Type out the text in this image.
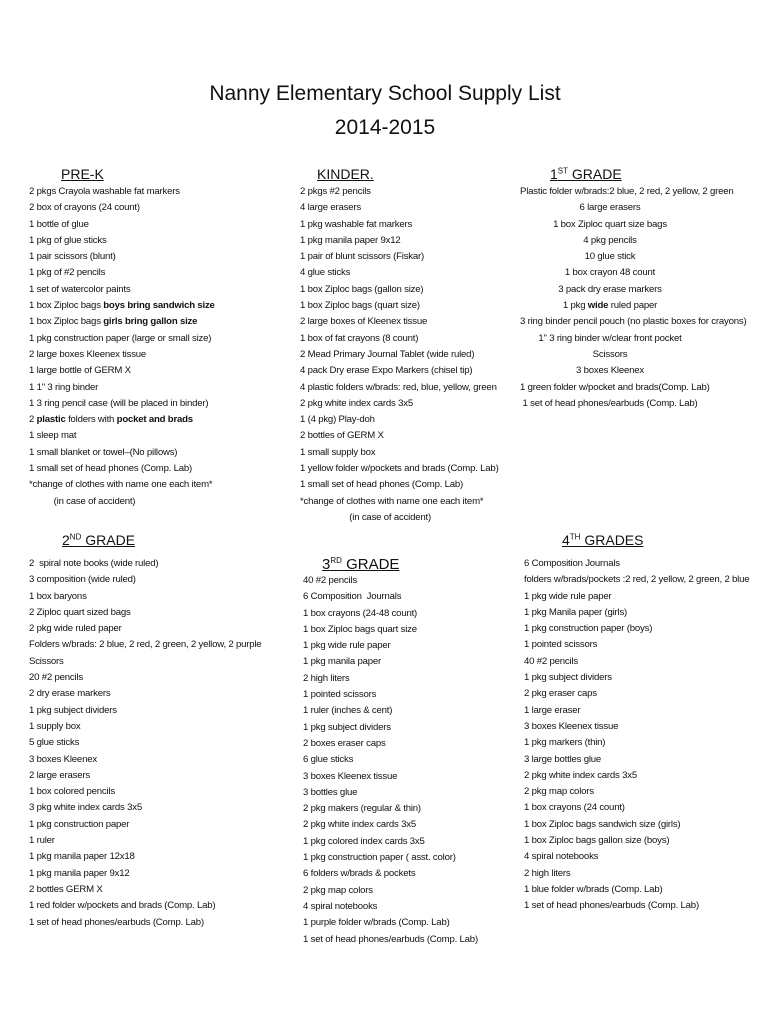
Nanny Elementary School Supply List
2014-2015
PRE-K	KINDER.	1ST GRADE
2ND GRADE
3RD GRADE
4TH GRADES
2 pkgs Crayola washable fat markers
2 box of crayons (24 count)
1 bottle of glue
1 pkg of glue sticks
1 pair scissors (blunt)
1 pkg of #2 pencils
1 set of watercolor paints
1 box Ziploc bags boys bring sandwich size
1 box Ziploc bags girls bring gallon size
1 pkg construction paper (large or small size)
2 large boxes Kleenex tissue
1 large bottle of GERM X
1 1" 3 ring binder
1 3 ring pencil case (will be placed in binder)
2 plastic folders with pocket and brads
1 sleep mat
1 small blanket or towel–(No pillows)
1 small set of head phones (Comp. Lab)
*change of clothes with name one each item*
(in case of accident)
2 pkgs #2 pencils
4 large erasers
1 pkg washable fat markers
1 pkg manila paper 9x12
1 pair of blunt scissors (Fiskar)
4 glue sticks
1 box Ziploc bags (gallon size)
1 box Ziploc bags (quart size)
2 large boxes of Kleenex tissue
1 box of fat crayons (8 count)
2 Mead Primary Journal Tablet (wide ruled)
4 pack Dry erase Expo Markers (chisel tip)
4 plastic folders w/brads: red, blue, yellow, green
2 pkg white index cards 3x5
1 (4 pkg) Play-doh
2 bottles of GERM X
1 small supply box
1 yellow folder w/pockets and brads (Comp. Lab)
1 small set of head phones (Comp. Lab)
*change of clothes with name one each item*
(in case of accident)
Plastic folder w/brads:2 blue, 2 red, 2 yellow, 2 green
6 large erasers
1 box Ziploc quart size bags
4 pkg pencils
10 glue stick
1 box crayon 48 count
3 pack dry erase markers
1 pkg wide ruled paper
3 ring binder pencil pouch (no plastic boxes for crayons)
1" 3 ring binder w/clear front pocket
Scissors
3 boxes Kleenex
1 green folder w/pocket and brads(Comp. Lab)
1 set of head phones/earbuds (Comp. Lab)
2  spiral note books (wide ruled)
3 composition (wide ruled)
1 box baryons
2 Ziploc quart sized bags
2 pkg wide ruled paper
Folders w/brads: 2 blue, 2 red, 2 green, 2 yellow, 2 purple
Scissors
20 #2 pencils
2 dry erase markers
1 pkg subject dividers
1 supply box
5 glue sticks
3 boxes Kleenex
2 large erasers
1 box colored pencils
3 pkg white index cards 3x5
1 pkg construction paper
1 ruler
1 pkg manila paper 12x18
1 pkg manila paper 9x12
2 bottles GERM X
1 red folder w/pockets and brads (Comp. Lab)
1 set of head phones/earbuds (Comp. Lab)
40 #2 pencils
6 Composition  Journals
1 box crayons (24-48 count)
1 box Ziploc bags quart size
1 pkg wide rule paper
1 pkg manila paper
2 high liters
1 pointed scissors
1 ruler (inches & cent)
1 pkg subject dividers
2 boxes eraser caps
6 glue sticks
3 boxes Kleenex tissue
3 bottles glue
2 pkg makers (regular & thin)
2 pkg white index cards 3x5
1 pkg colored index cards 3x5
1 pkg construction paper ( asst. color)
6 folders w/brads & pockets
2 pkg map colors
4 spiral notebooks
1 purple folder w/brads (Comp. Lab)
1 set of head phones/earbuds (Comp. Lab)
6 Composition Journals
folders w/brads/pockets :2 red, 2 yellow, 2 green, 2 blue
1 pkg wide rule paper
1 pkg Manila paper (girls)
1 pkg construction paper (boys)
1 pointed scissors
40 #2 pencils
1 pkg subject dividers
2 pkg eraser caps
1 large eraser
3 boxes Kleenex tissue
1 pkg markers (thin)
3 large bottles glue
2 pkg white index cards 3x5
2 pkg map colors
1 box crayons (24 count)
1 box Ziploc bags sandwich size (girls)
1 box Ziploc bags gallon size (boys)
4 spiral notebooks
2 high liters
1 blue folder w/brads (Comp. Lab)
1 set of head phones/earbuds (Comp. Lab)
